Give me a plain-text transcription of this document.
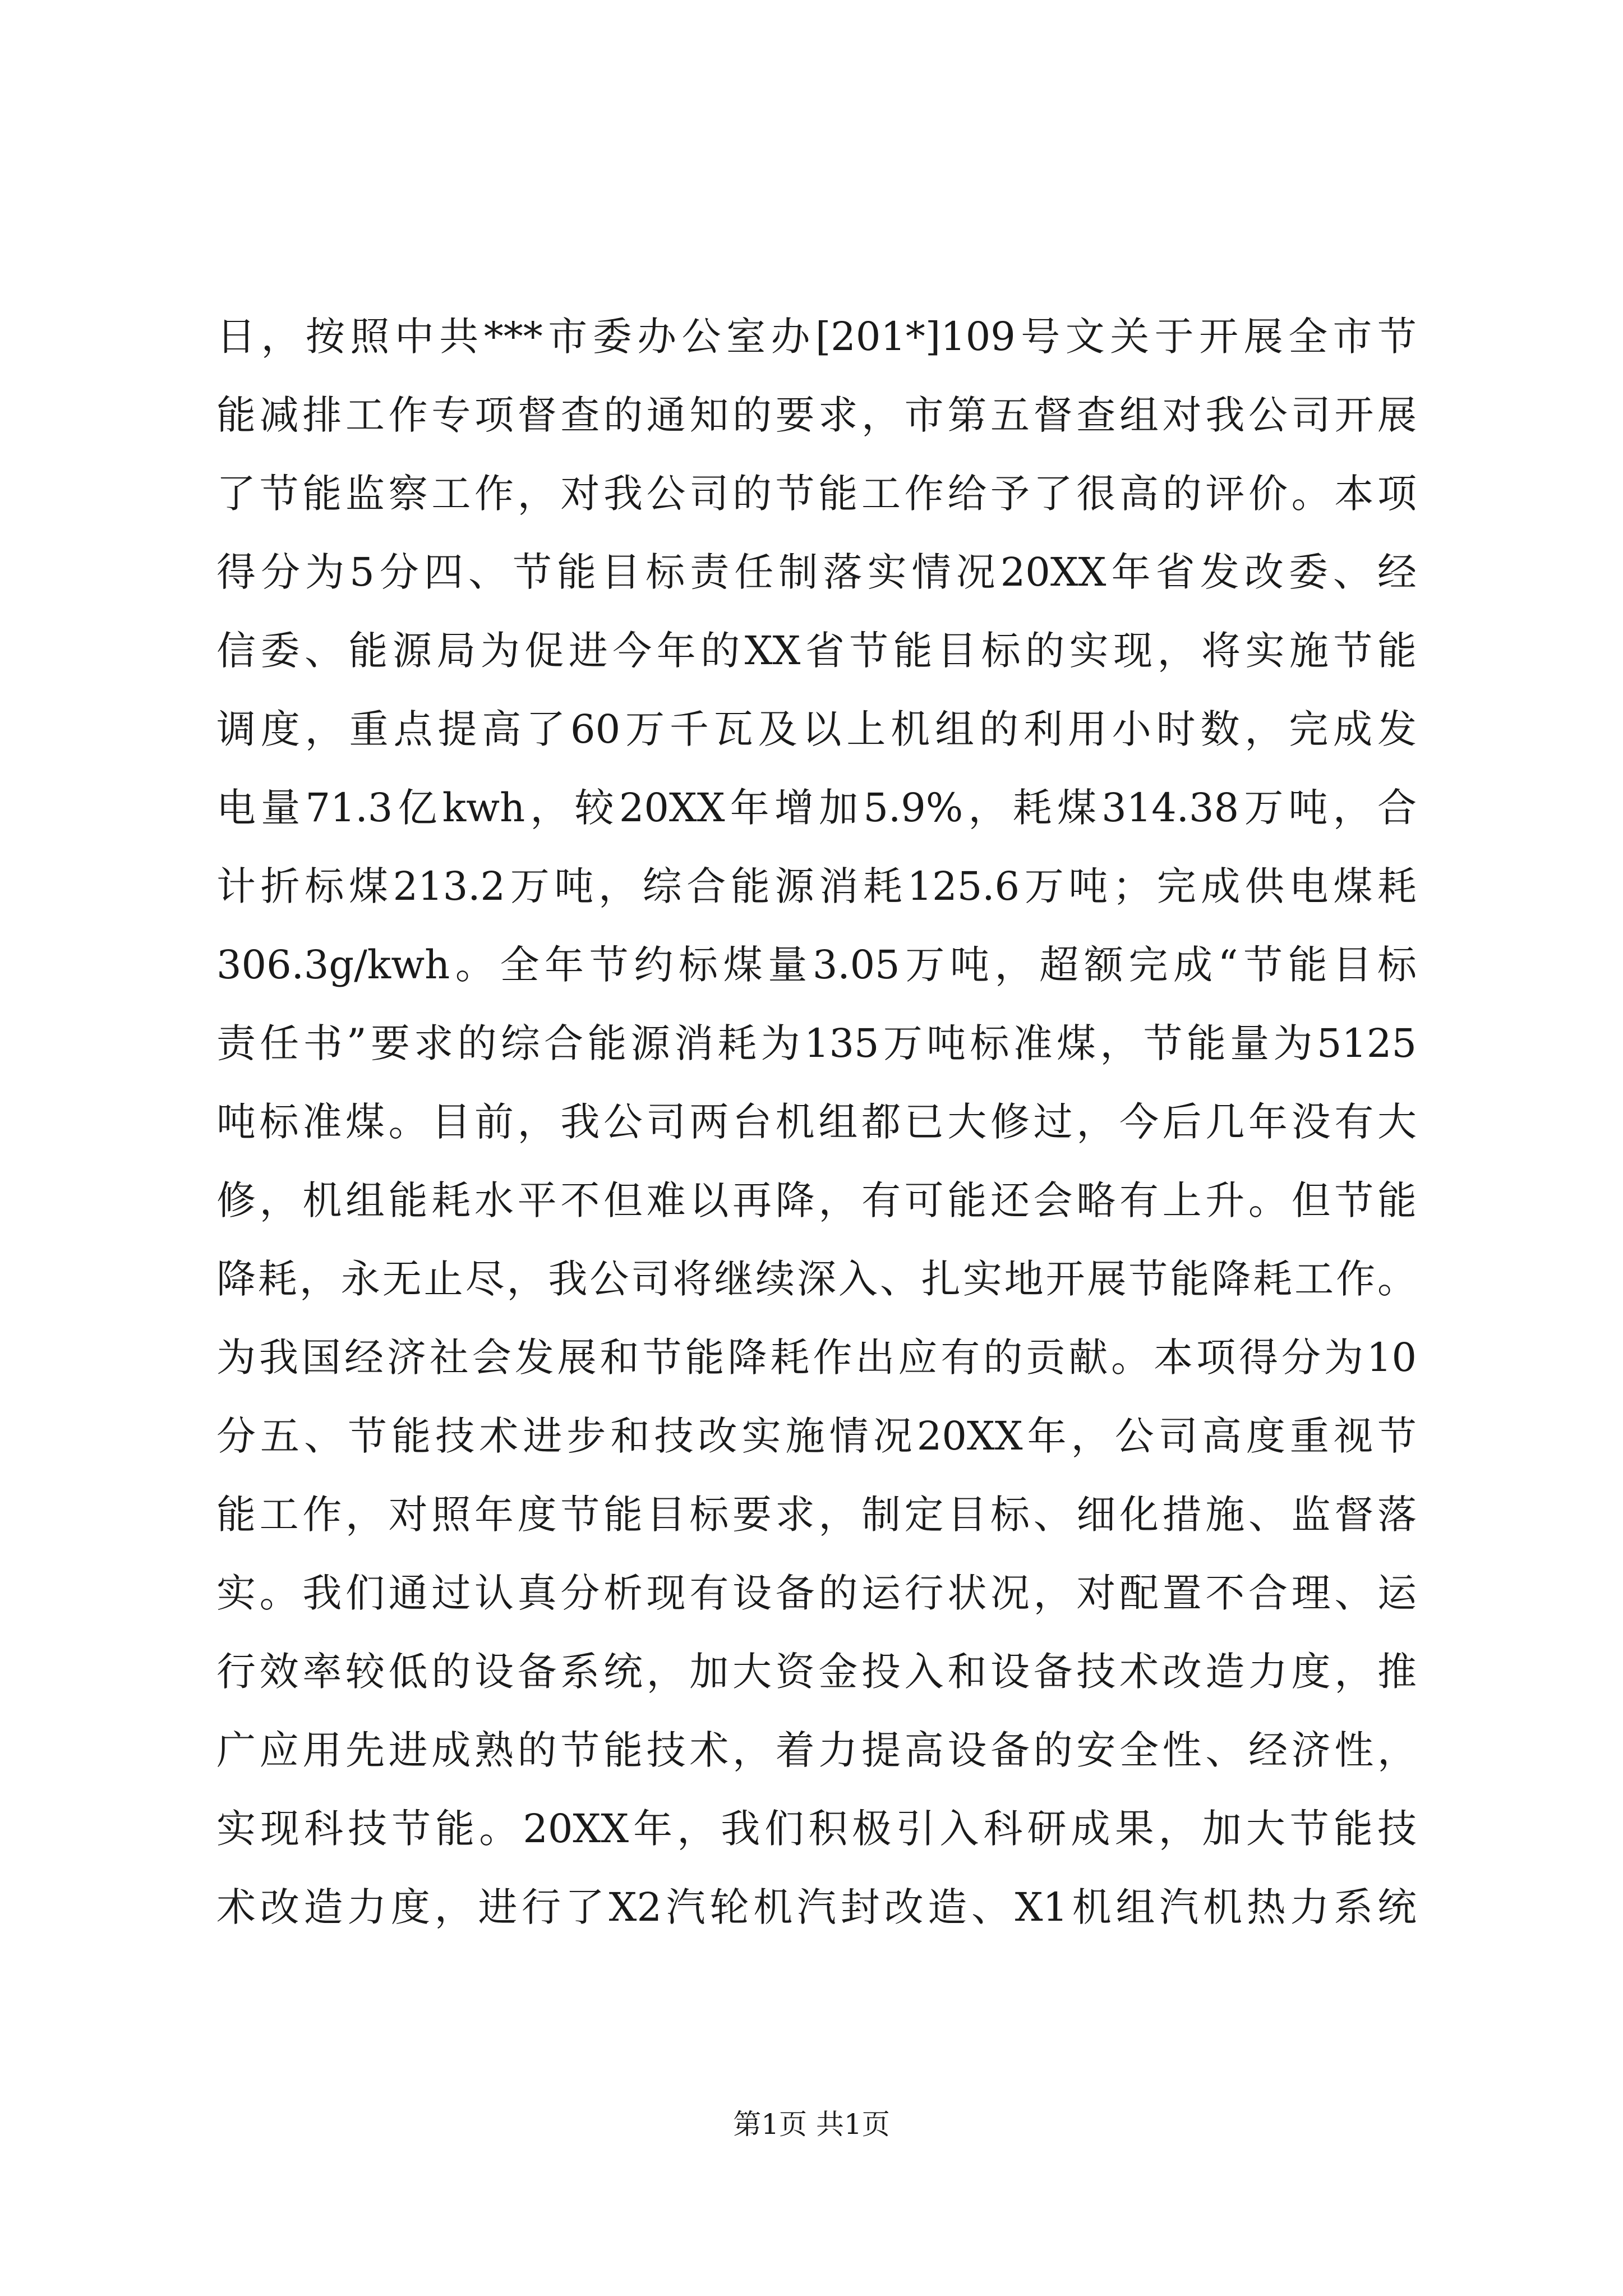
日，按照中共***市委办公室办[201*]109号文关于开展全市节
能减排工作专项督查的通知的要求，市第五督查组对我公司开展
了节能监察工作，对我公司的节能工作给予了很高的评价。本项
得分为5分四、节能目标责任制落实情况20XX年省发改委、经
信委、能源局为促进今年的XX省节能目标的实现，将实施节能
调度，重点提高了60万千瓦及以上机组的利用小时数，完成发
电量71.3亿kwh，较20XX年增加5.9%，耗煤314.38万吨，合
计折标煤213.2万吨，综合能源消耗125.6万吨；完成供电煤耗
306.3g/kwh。全年节约标煤量3.05万吨，超额完成“节能目标
责任书”要求的综合能源消耗为135万吨标准煤，节能量为5125
吨标准煤。目前，我公司两台机组都已大修过，今后几年没有大
修，机组能耗水平不但难以再降，有可能还会略有上升。但节能
降耗，永无止尽，我公司将继续深入、扎实地开展节能降耗工作。
为我国经济社会发展和节能降耗作出应有的贡献。本项得分为10
分五、节能技术进步和技改实施情况20XX年，公司高度重视节
能工作，对照年度节能目标要求，制定目标、细化措施、监督落
实。我们通过认真分析现有设备的运行状况，对配置不合理、运
行效率较低的设备系统，加大资金投入和设备技术改造力度，推
广应用先进成熟的节能技术，着力提高设备的安全性、经济性，
实现科技节能。20XX年，我们积极引入科研成果，加大节能技
术改造力度，进行了X2汽轮机汽封改造、X1机组汽机热力系统
第1页 共1页
